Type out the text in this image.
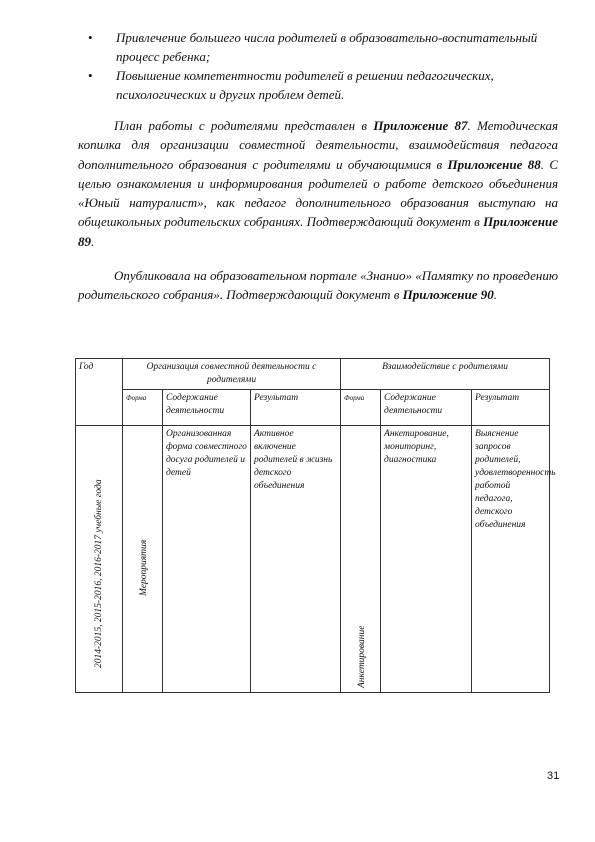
• Привлечение большего числа родителей в образовательно-воспитательный процесс ребенка;
• Повышение компетентности родителей в решении педагогических, психологических и других проблем детей.
План работы с родителями представлен в Приложение 87. Методическая копилка для организации совместной деятельности, взаимодействия педагога дополнительного образования с родителями и обучающимися в Приложение 88. С целью ознакомления и информирования родителей о работе детского объединения «Юный натуралист», как педагог дополнительного образования выступаю на общешкольных родительских собраниях. Подтверждающий документ в Приложение 89.
Опубликовала на образовательном портале «Знанио» «Памятку по проведению родительского собрания». Подтверждающий документ в Приложение 90.
Год	Организация совместной деятельности с родителями			Взаимодействие с родителями		
	Форма	Содержание деятельности	Результат	Форма	Содержание деятельности	Результат

2014-2015, 2015-2016, 2016-2017 учебные года	Мероприятия	Организованная форма совместного досуга родителей и детей	Активное включение родителей в жизнь детского объединения	Анкетирование	Анкетирование, мониторинг, диагностика	Выяснение запросов родителей, удовлетворенность работой педагога, детского объединения
31
